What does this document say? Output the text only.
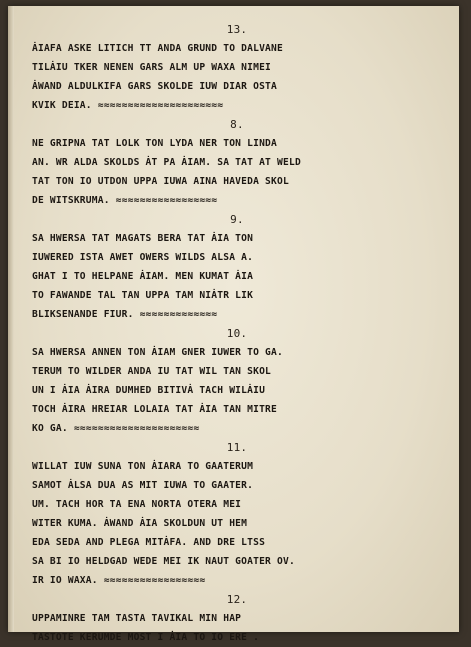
13.
ȦIAFA ASKE LITICH TT ANDA GRUND TO DALVANE
TILȦIU TKER NENEN GARS ALM UP WAXA NIMEI
ȦWAND ALDULKIFA GARS SKOLDE IUW DIAR OSTA
KVIK DEIA. ≈≈≈≈≈≈≈≈≈≈≈≈≈≈≈≈≈≈≈≈≈
8.
NE GRIPNA TAT LOLK TON LYDA NER TON LINDA
AN. WR ALDA SKOLDS ȦT PA ȦIAM. SA TAT AT WELD
TAT TON IO UTDON UPPA IUWA AINA HAVEDA SKOL
DE WITSKRUMA. ≈≈≈≈≈≈≈≈≈≈≈≈≈≈≈≈≈
9.
SA HWERSA TAT MAGATS BERA TAT ȦIA TON
IUWERED ISTA AWET OWERS WILDS ALSA A.
GHAT I TO HELPANE ȦIAM. MEN KUMAT ȦIA
TO FAWANDE TAL TAN UPPA TAM NIȦTR LIK
BLIKSENANDE FIUR. ≈≈≈≈≈≈≈≈≈≈≈≈≈
10.
SA HWERSA ANNEN TON ȦIAM GNER IUWER TO GA.
TERUM TO WILDER ANDA IU TAT WIL TAN SKOL
UN I ȦIA ȦIRA DUMHED BITIVȦ TACH WILȦIU
TOCH ȦIRA HREIAR LOLAIA TAT ȦIA TAN MITRE
KO GA. ≈≈≈≈≈≈≈≈≈≈≈≈≈≈≈≈≈≈≈≈≈
11.
WILLAT IUW SUNA TON ȦIARA TO GAATERUM
SAMOT ȦLSA DUA AS MIT IUWA TO GAATER.
UM. TACH HOR TA ENA NORTA OTERA MEI
WITER KUMA. ȦWAND ȦIA SKOLDUN UT HEM
EDA SEDA AND PLEGA MITȦFA. AND DRE LTSS
SA BI IO HELDGAD WEDE MEI IK NAUT GOATER OV.
IR IO WAXA. ≈≈≈≈≈≈≈≈≈≈≈≈≈≈≈≈≈
12.
UPPAMINRE TAM TASTA TAVIKAL MIN HAP
TASTOTE KERUMDE MOST I ȦIA TO IO ERE .
